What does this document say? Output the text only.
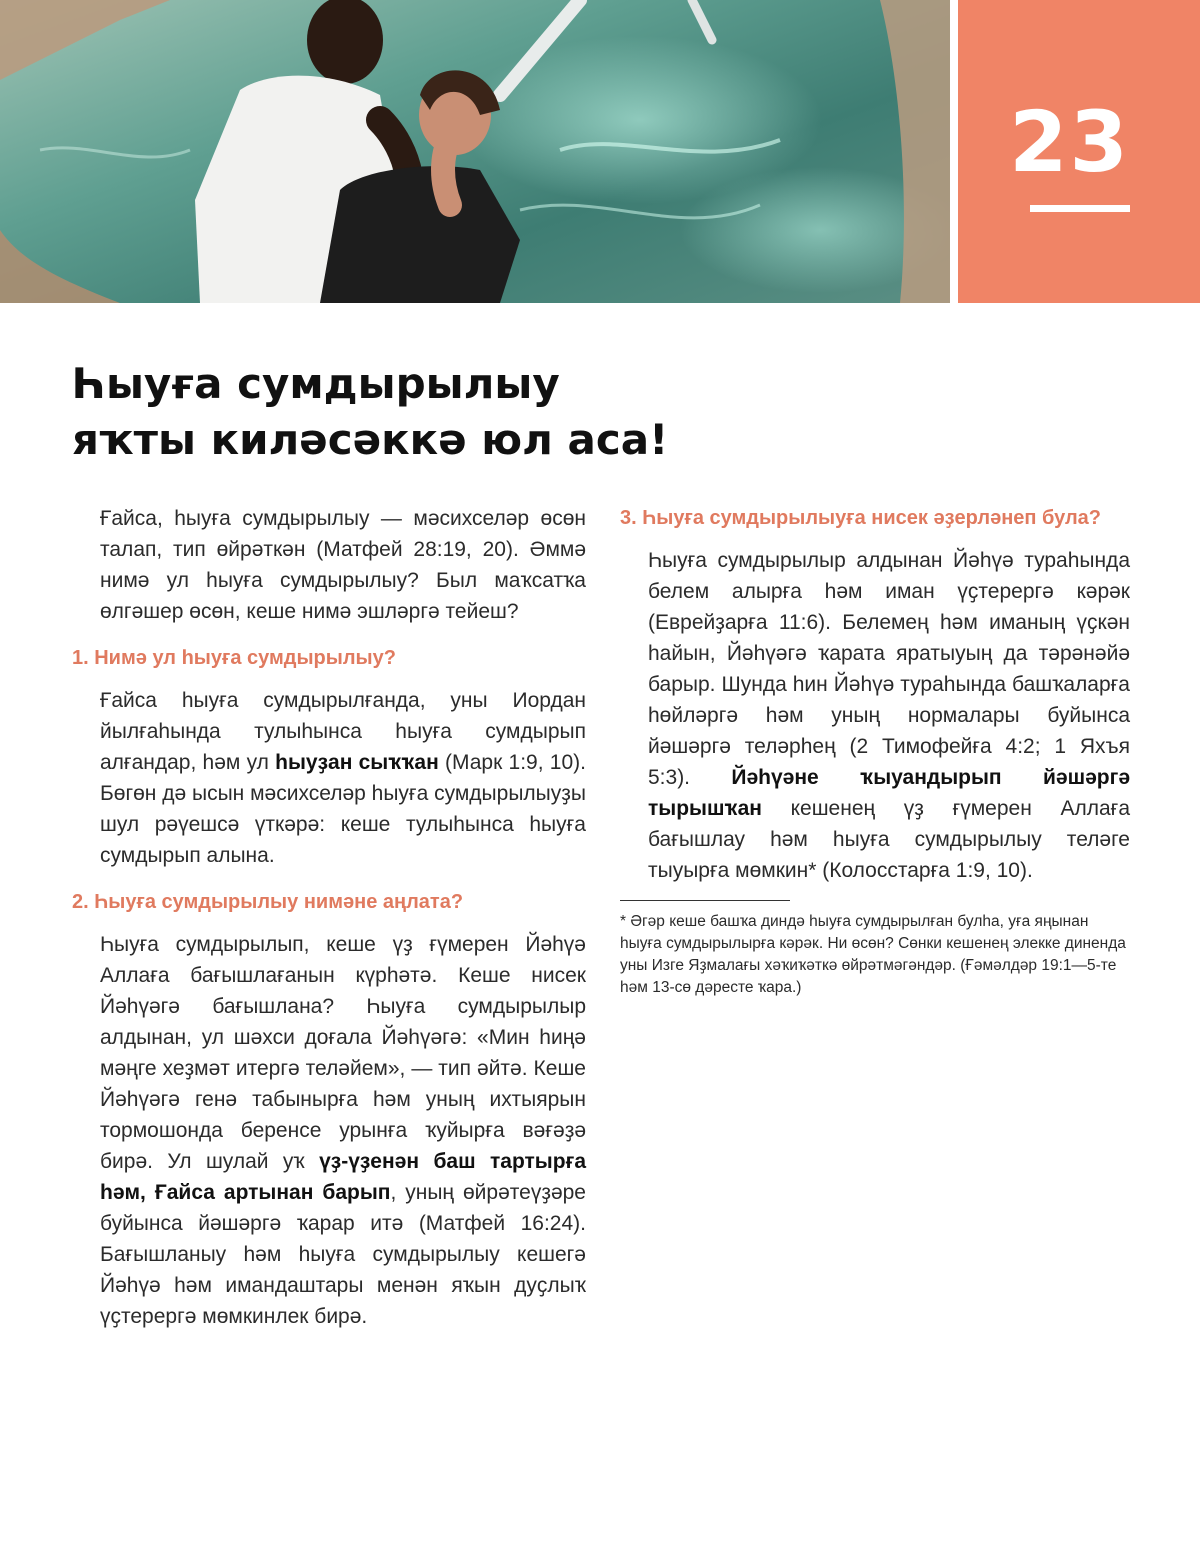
23
Һыуға сумдырылыу
яҡты киләсәккә юл аса!

Ғайса, һыуға сумдырылыу — мәсихселәр өсөн талап, тип өйрәткән (Матфей 28:19, 20). Әммә нимә ул һыуға сумдырылыу? Был маҡсатҡа өлгәшер өсөн, кеше нимә эшләргә тейеш?

1. Нимә ул һыуға сумдырылыу?

Ғайса һыуға сумдырылғанда, уны Иордан йылғаһында тулыһынса һыуға сумдырып алғандар, һәм ул һыуҙан сыҡҡан (Марк 1:9, 10). Бөгөн дә ысын мәсихселәр һыуға сумдырылыуҙы шул рәүешсә үткәрә: кеше тулыһынса һыуға сумдырып алына.

2. Һыуға сумдырылыу нимәне аңлата?

Һыуға сумдырылып, кеше үҙ ғүмерен Йәһүә Аллаға бағышлағанын күрһәтә. Кеше нисек Йәһүәгә бағышлана? Һыуға сумдырылыр алдынан, ул шәхси доғала Йәһүәгә: «Мин һиңә мәңге хеҙмәт итергә теләйем», — тип әйтә. Кеше Йәһүәгә генә табынырға һәм уның ихтыярын тормошонда беренсе урынға ҡуйырға вәғәҙә бирә. Ул шулай уҡ үҙ-үҙенән баш тартырға һәм, Ғайса артынан барып, уның өйрәтеүҙәре буйынса йәшәргә ҡарар итә (Матфей 16:24). Бағышланыу һәм һыуға сумдырылыу кешегә Йәһүә һәм имандаштары менән яҡын дуҫлыҡ үҫтерергә мөмкинлек бирә.

3. Һыуға сумдырылыуға нисек әҙерләнеп була?

Һыуға сумдырылыр алдынан Йәһүә тураһында белем алырға һәм иман үҫтерергә кәрәк (Еврейҙарға 11:6). Белемең һәм иманың үҫкән һайын, Йәһүәгә ҡарата яратыуың да тәрәнәйә барыр. Шунда һин Йәһүә тураһында башҡаларға һөйләргә һәм уның нормалары буйынса йәшәргә теләрһең (2 Тимофейға 4:2; 1 Яхъя 5:3). Йәһүәне ҡыуандырып йәшәргә тырышҡан кешенең үҙ ғүмерен Аллаға бағышлау һәм һыуға сумдырылыу теләге тыуырға мөмкин* (Колосстарға 1:9, 10).

* Әгәр кеше башҡа диндә һыуға сумдырылған булһа, уға яңынан һыуға сумдырылырға кәрәк. Ни өсөн? Сөнки кешенең элекке диненда уны Изге Яҙмалағы хәҡиҡәткә өйрәтмәгәндәр. (Ғәмәлдәр 19:1—5-те һәм 13-сө дәресте ҡара.)
